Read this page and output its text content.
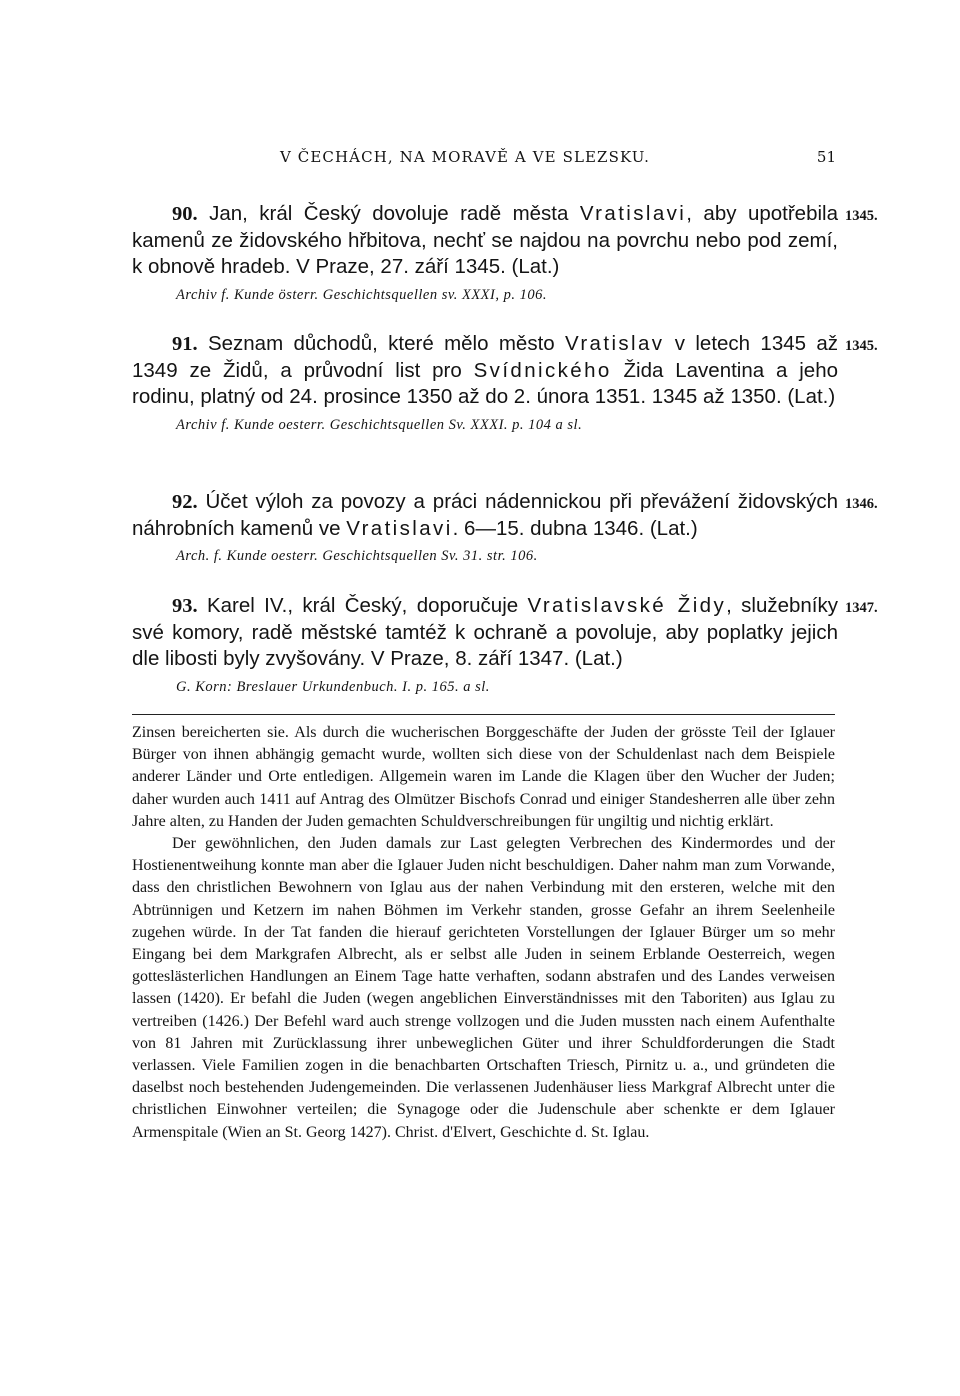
V ČECHÁCH, NA MORAVĚ A VE SLEZSKU.	51

90. Jan, král Český dovoluje radě města Vratislavi, aby upotřebila kamenů ze židovského hřbitova, nechť se najdou na povrchu nebo pod zemí, k obnově hradeb. V Praze, 27. září 1345. (Lat.)

Archiv f. Kunde österr. Geschichtsquellen sv. XXXI, p. 106.
1345.

91. Seznam důchodů, které mělo město Vratislav v letech 1345 až 1349 ze Židů, a průvodní list pro Svídnického Žida Laventina a jeho rodinu, platný od 24. prosince 1350 až do 2. února 1351. 1345 až 1350. (Lat.)

Archiv f. Kunde oesterr. Geschichtsquellen Sv. XXXI. p. 104 a sl.
1345.

92. Účet výloh za povozy a práci nádennickou při převážení židovských náhrobních kamenů ve Vratislavi. 6—15. dubna 1346. (Lat.)

Arch. f. Kunde oesterr. Geschichtsquellen Sv. 31. str. 106.
1346.

93. Karel IV., král Český, doporučuje Vratislavské Židy, služebníky své komory, radě městské tamtéž k ochraně a povoluje, aby poplatky jejich dle libosti byly zvyšovány. V Praze, 8. září 1347. (Lat.)

G. Korn: Breslauer Urkundenbuch. I. p. 165. a sl.
1347.

Zinsen bereicherten sie. Als durch die wucherischen Borggeschäfte der Juden der grösste Teil der Iglauer Bürger von ihnen abhängig gemacht wurde, wollten sich diese von der Schuldenlast nach dem Beispiele anderer Länder und Orte entledigen. Allgemein waren im Lande die Klagen über den Wucher der Juden; daher wurden auch 1411 auf Antrag des Olmützer Bischofs Conrad und einiger Standesherren alle über zehn Jahre alten, zu Handen der Juden gemachten Schuldverschreibungen für ungiltig und nichtig erklärt.

Der gewöhnlichen, den Juden damals zur Last gelegten Verbrechen des Kindermordes und der Hostienentweihung konnte man aber die Iglauer Juden nicht beschuldigen. Daher nahm man zum Vorwande, dass den christlichen Bewohnern von Iglau aus der nahen Verbindung mit den ersteren, welche mit den Abtrünnigen und Ketzern im nahen Böhmen im Verkehr standen, grosse Gefahr an ihrem Seelenheile zugehen würde. In der Tat fanden die hierauf gerichteten Vorstellungen der Iglauer Bürger um so mehr Eingang bei dem Markgrafen Albrecht, als er selbst alle Juden in seinem Erblande Oesterreich, wegen gotteslästerlichen Handlungen an Einem Tage hatte verhaften, sodann abstrafen und des Landes verweisen lassen (1420). Er befahl die Juden (wegen angeblichen Einverständnisses mit den Taboriten) aus Iglau zu vertreiben (1426.) Der Befehl ward auch strenge vollzogen und die Juden mussten nach einem Aufenthalte von 81 Jahren mit Zurücklassung ihrer unbeweglichen Güter und ihrer Schuldforderungen die Stadt verlassen. Viele Familien zogen in die benachbarten Ortschaften Triesch, Pirnitz u. a., und gründeten die daselbst noch bestehenden Judengemeinden. Die verlassenen Judenhäuser liess Markgraf Albrecht unter die christlichen Einwohner verteilen; die Synagoge oder die Judenschule aber schenkte er dem Iglauer Armenspitale (Wien an St. Georg 1427). Christ. d'Elvert, Geschichte d. St. Iglau.
